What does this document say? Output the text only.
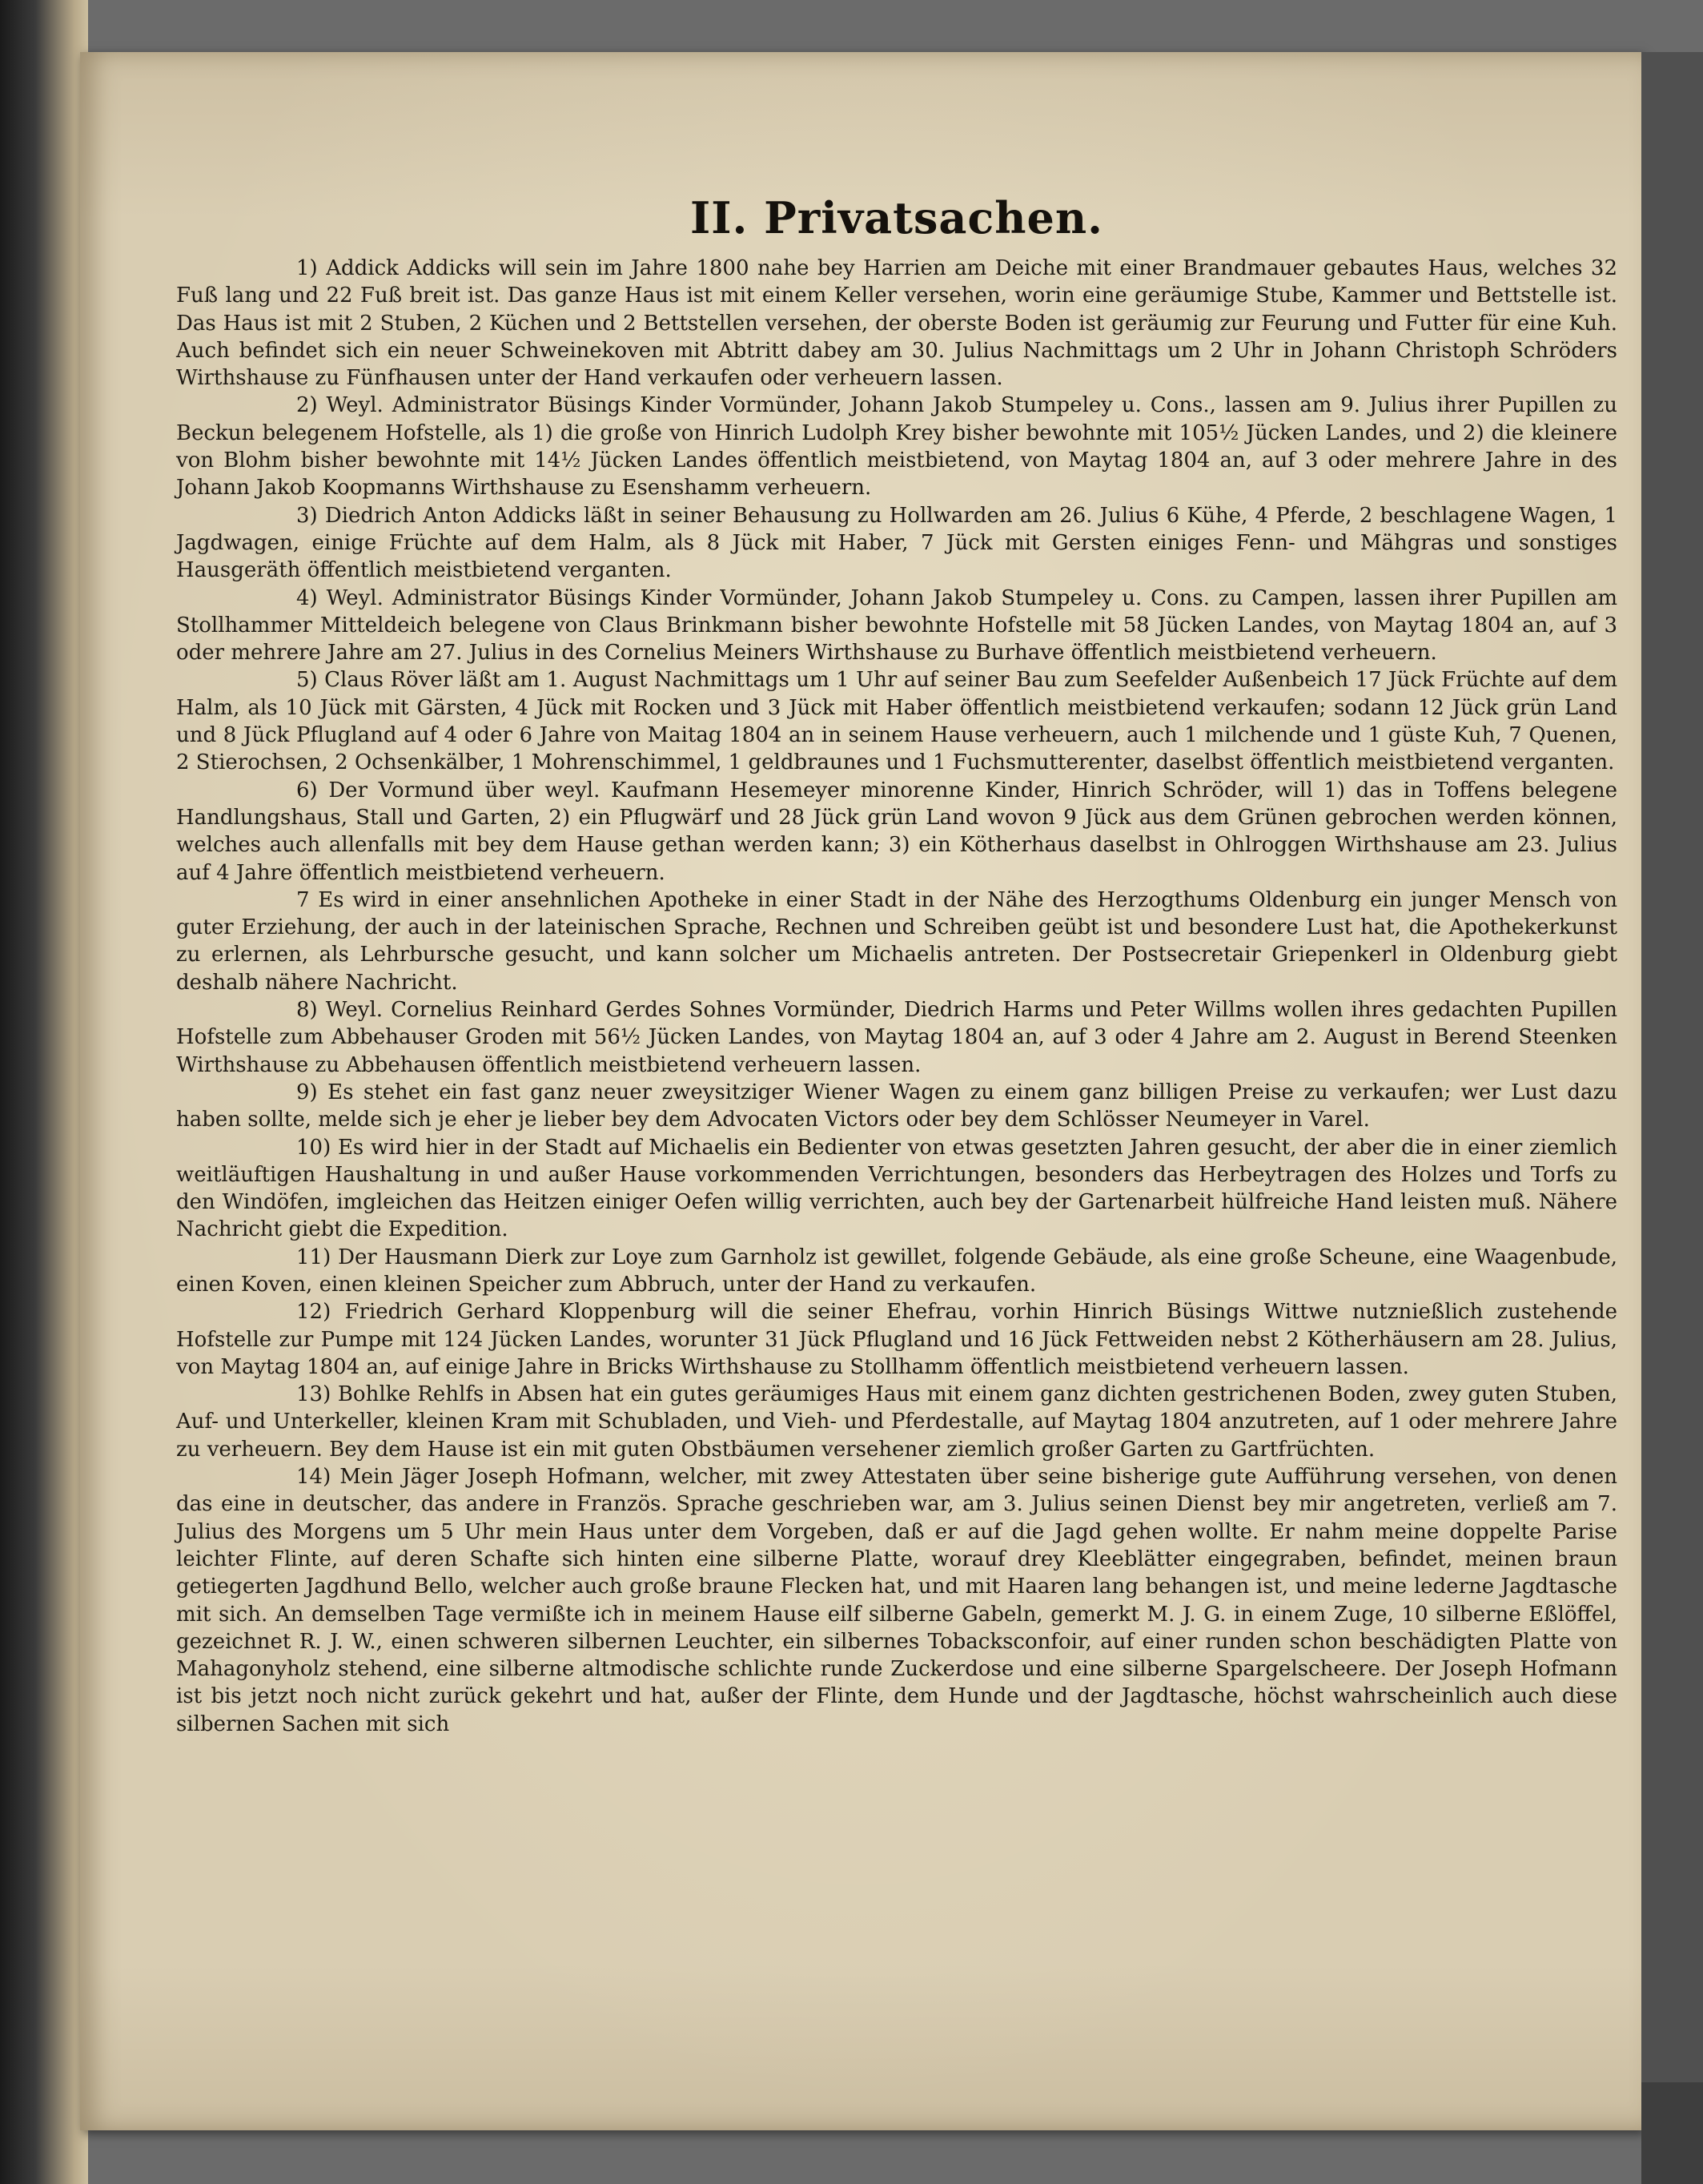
II. Privatsachen.

1) Addick Addicks will sein im Jahre 1800 nahe bey Harrien am Deiche mit einer Brandmauer gebautes Haus, welches 32 Fuß lang und 22 Fuß breit ist. Das ganze Haus ist mit einem Keller versehen, worin eine geräumige Stube, Kammer und Bettstelle ist. Das Haus ist mit 2 Stuben, 2 Küchen und 2 Bettstellen versehen, der oberste Boden ist geräumig zur Feurung und Futter für eine Kuh. Auch befindet sich ein neuer Schweinekoven mit Abtritt dabey am 30. Julius Nachmittags um 2 Uhr in Johann Christoph Schröders Wirthshause zu Fünfhausen unter der Hand verkaufen oder verheuern lassen.

2) Weyl. Administrator Büsings Kinder Vormünder, Johann Jakob Stumpeley u. Cons., lassen am 9. Julius ihrer Pupillen zu Beckun belegenem Hofstelle, als 1) die große von Hinrich Ludolph Krey bisher bewohnte mit 105½ Jücken Landes, und 2) die kleinere von Blohm bisher bewohnte mit 14½ Jücken Landes öffentlich meistbietend, von Maytag 1804 an, auf 3 oder mehrere Jahre in des Johann Jakob Koopmanns Wirthshause zu Esenshamm verheuern.

3) Diedrich Anton Addicks läßt in seiner Behausung zu Hollwarden am 26. Julius 6 Kühe, 4 Pferde, 2 beschlagene Wagen, 1 Jagdwagen, einige Früchte auf dem Halm, als 8 Jück mit Haber, 7 Jück mit Gersten einiges Fenn- und Mähgras und sonstiges Hausgeräth öffentlich meistbietend verganten.

4) Weyl. Administrator Büsings Kinder Vormünder, Johann Jakob Stumpeley u. Cons. zu Campen, lassen ihrer Pupillen am Stollhammer Mitteldeich belegene von Claus Brinkmann bisher bewohnte Hofstelle mit 58 Jücken Landes, von Maytag 1804 an, auf 3 oder mehrere Jahre am 27. Julius in des Cornelius Meiners Wirthshause zu Burhave öffentlich meistbietend verheuern.

5) Claus Röver läßt am 1. August Nachmittags um 1 Uhr auf seiner Bau zum Seefelder Außenbeich 17 Jück Früchte auf dem Halm, als 10 Jück mit Gärsten, 4 Jück mit Rocken und 3 Jück mit Haber öffentlich meistbietend verkaufen; sodann 12 Jück grün Land und 8 Jück Pflugland auf 4 oder 6 Jahre von Maitag 1804 an in seinem Hause verheuern, auch 1 milchende und 1 güste Kuh, 7 Quenen, 2 Stierochsen, 2 Ochsenkälber, 1 Mohrenschimmel, 1 geldbraunes und 1 Fuchsmutterenter, daselbst öffentlich meistbietend verganten.

6) Der Vormund über weyl. Kaufmann Hesemeyer minorenne Kinder, Hinrich Schröder, will 1) das in Toffens belegene Handlungshaus, Stall und Garten, 2) ein Pflugwärf und 28 Jück grün Land wovon 9 Jück aus dem Grünen gebrochen werden können, welches auch allenfalls mit bey dem Hause gethan werden kann; 3) ein Kötherhaus daselbst in Ohlroggen Wirthshause am 23. Julius auf 4 Jahre öffentlich meistbietend verheuern.

7 Es wird in einer ansehnlichen Apotheke in einer Stadt in der Nähe des Herzogthums Oldenburg ein junger Mensch von guter Erziehung, der auch in der lateinischen Sprache, Rechnen und Schreiben geübt ist und besondere Lust hat, die Apothekerkunst zu erlernen, als Lehrbursche gesucht, und kann solcher um Michaelis antreten. Der Postsecretair Griepenkerl in Oldenburg giebt deshalb nähere Nachricht.

8) Weyl. Cornelius Reinhard Gerdes Sohnes Vormünder, Diedrich Harms und Peter Willms wollen ihres gedachten Pupillen Hofstelle zum Abbehauser Groden mit 56½ Jücken Landes, von Maytag 1804 an, auf 3 oder 4 Jahre am 2. August in Berend Steenken Wirthshause zu Abbehausen öffentlich meistbietend verheuern lassen.

9) Es stehet ein fast ganz neuer zweysitziger Wiener Wagen zu einem ganz billigen Preise zu verkaufen; wer Lust dazu haben sollte, melde sich je eher je lieber bey dem Advocaten Victors oder bey dem Schlösser Neumeyer in Varel.

10) Es wird hier in der Stadt auf Michaelis ein Bedienter von etwas gesetzten Jahren gesucht, der aber die in einer ziemlich weitläuftigen Haushaltung in und außer Hause vorkommenden Verrichtungen, besonders das Herbeytragen des Holzes und Torfs zu den Windöfen, imgleichen das Heitzen einiger Oefen willig verrichten, auch bey der Gartenarbeit hülfreiche Hand leisten muß. Nähere Nachricht giebt die Expedition.

11) Der Hausmann Dierk zur Loye zum Garnholz ist gewillet, folgende Gebäude, als eine große Scheune, eine Waagenbude, einen Koven, einen kleinen Speicher zum Abbruch, unter der Hand zu verkaufen.

12) Friedrich Gerhard Kloppenburg will die seiner Ehefrau, vorhin Hinrich Büsings Wittwe nutznießlich zustehende Hofstelle zur Pumpe mit 124 Jücken Landes, worunter 31 Jück Pflugland und 16 Jück Fettweiden nebst 2 Kötherhäusern am 28. Julius, von Maytag 1804 an, auf einige Jahre in Bricks Wirthshause zu Stollhamm öffentlich meistbietend verheuern lassen.

13) Bohlke Rehlfs in Absen hat ein gutes geräumiges Haus mit einem ganz dichten gestrichenen Boden, zwey guten Stuben, Auf- und Unterkeller, kleinen Kram mit Schubladen, und Vieh- und Pferdestalle, auf Maytag 1804 anzutreten, auf 1 oder mehrere Jahre zu verheuern. Bey dem Hause ist ein mit guten Obstbäumen versehener ziemlich großer Garten zu Gartfrüchten.

14) Mein Jäger Joseph Hofmann, welcher, mit zwey Attestaten über seine bisherige gute Aufführung versehen, von denen das eine in deutscher, das andere in Französ. Sprache geschrieben war, am 3. Julius seinen Dienst bey mir angetreten, verließ am 7. Julius des Morgens um 5 Uhr mein Haus unter dem Vorgeben, daß er auf die Jagd gehen wollte. Er nahm meine doppelte Parise leichter Flinte, auf deren Schafte sich hinten eine silberne Platte, worauf drey Kleeblätter eingegraben, befindet, meinen braun getiegerten Jagdhund Bello, welcher auch große braune Flecken hat, und mit Haaren lang behangen ist, und meine lederne Jagdtasche mit sich. An demselben Tage vermißte ich in meinem Hause eilf silberne Gabeln, gemerkt M. J. G. in einem Zuge, 10 silberne Eßlöffel, gezeichnet R. J. W., einen schweren silbernen Leuchter, ein silbernes Tobacksconfoir, auf einer runden schon beschädigten Platte von Mahagonyholz stehend, eine silberne altmodische schlichte runde Zuckerdose und eine silberne Spargelscheere. Der Joseph Hofmann ist bis jetzt noch nicht zurück gekehrt und hat, außer der Flinte, dem Hunde und der Jagdtasche, höchst wahrscheinlich auch diese silbernen Sachen mit sich
